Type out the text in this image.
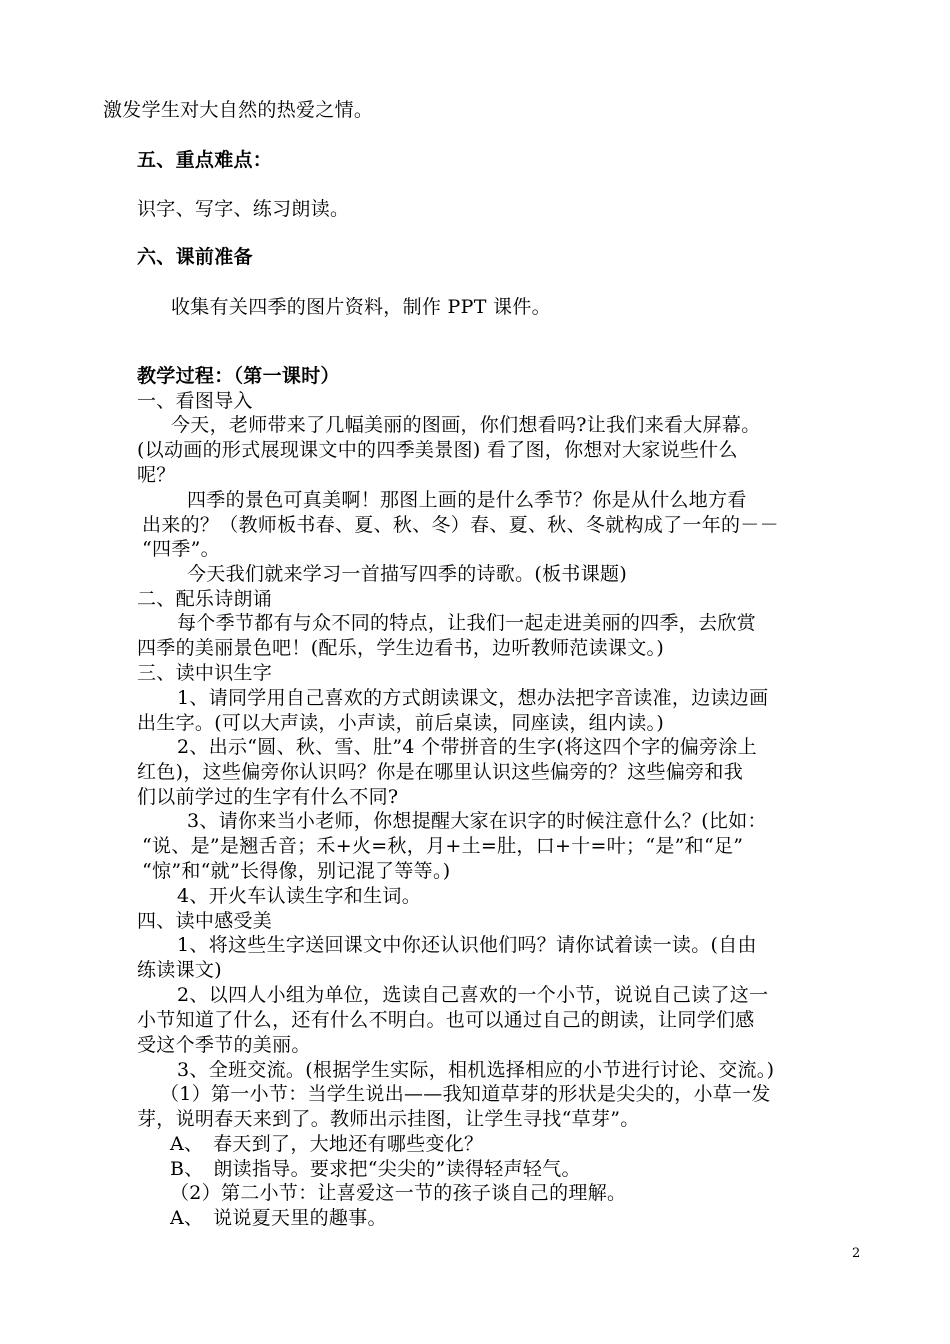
激发学生对大自然的热爱之情。
五、重点难点：
识字、写字、练习朗读。
六、课前准备
收集有关四季的图片资料，制作 PPT 课件。
教学过程：（第一课时）
一、看图导入
今天，老师带来了几幅美丽的图画，你们想看吗?让我们来看大屏幕。
(以动画的形式展现课文中的四季美景图) 看了图，你想对大家说些什么
呢？
四季的景色可真美啊！那图上画的是什么季节？你是从什么地方看
出来的？（教师板书春、夏、秋、冬）春、夏、秋、冬就构成了一年的－－
“四季”。
今天我们就来学习一首描写四季的诗歌。(板书课题)
二、配乐诗朗诵
每个季节都有与众不同的特点，让我们一起走进美丽的四季，去欣赏
四季的美丽景色吧！(配乐，学生边看书，边听教师范读课文。)
三、读中识生字
1、请同学用自己喜欢的方式朗读课文，想办法把字音读准，边读边画
出生字。(可以大声读，小声读，前后桌读，同座读，组内读。)
2、出示“圆、秋、雪、肚”4 个带拼音的生字(将这四个字的偏旁涂上
红色)，这些偏旁你认识吗？你是在哪里认识这些偏旁的？这些偏旁和我
们以前学过的生字有什么不同?
3、请你来当小老师，你想提醒大家在识字的时候注意什么？(比如：
“说、是”是翘舌音；禾+火=秋，月+土=肚，口+十=叶；“是”和“足”
“惊”和“就”长得像，别记混了等等。)
4、开火车认读生字和生词。
四、读中感受美
1、将这些生字送回课文中你还认识他们吗？请你试着读一读。(自由
练读课文)
2、以四人小组为单位，选读自己喜欢的一个小节，说说自己读了这一
小节知道了什么，还有什么不明白。也可以通过自己的朗读，让同学们感
受这个季节的美丽。
3、全班交流。(根据学生实际，相机选择相应的小节进行讨论、交流。)
（1）第一小节：当学生说出——我知道草芽的形状是尖尖的，小草一发
芽，说明春天来到了。教师出示挂图，让学生寻找“草芽”。
A、　春天到了，大地还有哪些变化？
B、　朗读指导。要求把“尖尖的”读得轻声轻气。
（2）第二小节：让喜爱这一节的孩子谈自己的理解。
A、　说说夏天里的趣事。
2
